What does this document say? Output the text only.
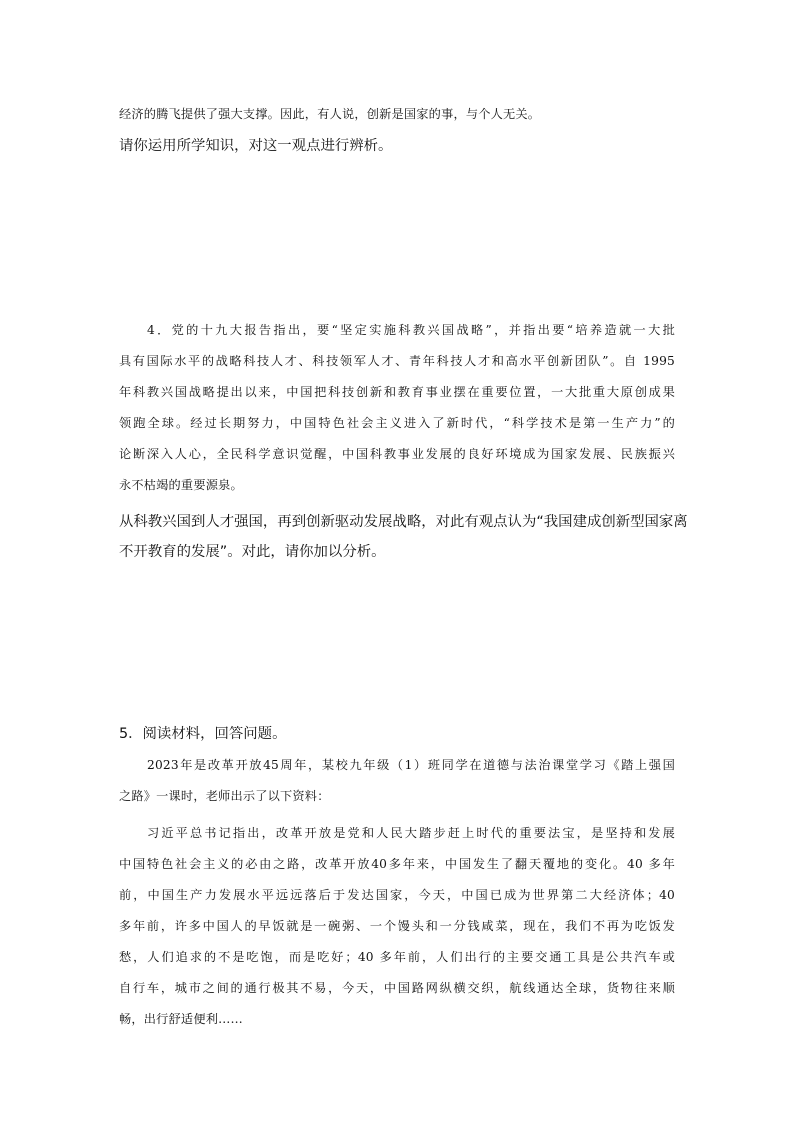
经济的腾飞提供了强大支撑。因此，有人说，创新是国家的事，与个人无关。

请你运用所学知识，对这一观点进行辨析。

4．党的十九大报告指出，要“坚定实施科教兴国战略”，并指出要“培养造就一大批

具有国际水平的战略科技人才、科技领军人才、青年科技人才和高水平创新团队”。自 1995

年科教兴国战略提出以来，中国把科技创新和教育事业摆在重要位置，一大批重大原创成果

领跑全球。经过长期努力，中国特色社会主义进入了新时代，“科学技术是第一生产力”的

论断深入人心，全民科学意识觉醒，中国科教事业发展的良好环境成为国家发展、民族振兴

永不枯竭的重要源泉。

从科教兴国到人才强国，再到创新驱动发展战略，对此有观点认为“我国建成创新型国家离

不开教育的发展”。对此，请你加以分析。

5．阅读材料，回答问题。

2023年是改革开放45周年，某校九年级（1）班同学在道德与法治课堂学习《踏上强国

之路》一课时，老师出示了以下资料：

习近平总书记指出，改革开放是党和人民大踏步赶上时代的重要法宝，是坚持和发展

中国特色社会主义的必由之路，改革开放40多年来，中国发生了翻天覆地的变化。40 多年

前，中国生产力发展水平远远落后于发达国家，今天，中国已成为世界第二大经济体；40

多年前，许多中国人的早饭就是一碗粥、一个馒头和一分钱咸菜，现在，我们不再为吃饭发

愁，人们追求的不是吃饱，而是吃好；40 多年前，人们出行的主要交通工具是公共汽车或

自行车，城市之间的通行极其不易，今天，中国路网纵横交织，航线通达全球，货物往来顺

畅，出行舒适便利……
